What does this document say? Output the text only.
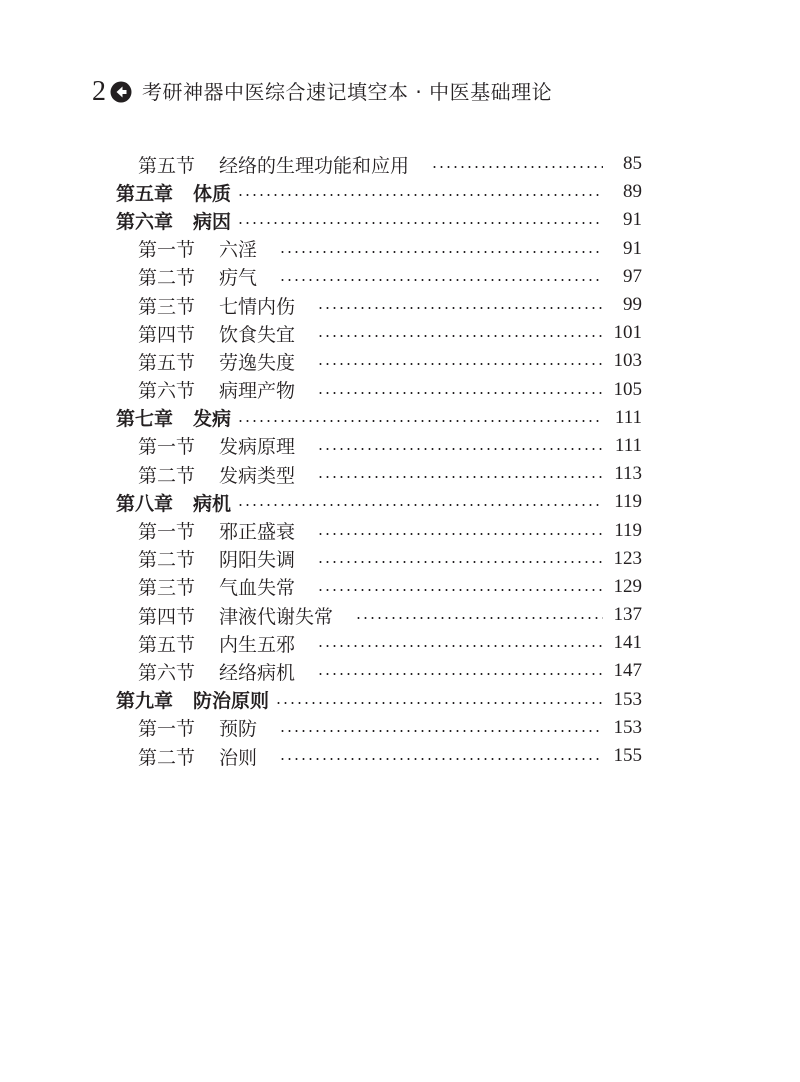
2 考研神器中医综合速记填空本 · 中医基础理论
第五节 经络的生理功能和应用	85
第五章 体质	89
第六章 病因	91
第一节 六淫	91
第二节 疠气	97
第三节 七情内伤	99
第四节 饮食失宜	101
第五节 劳逸失度	103
第六节 病理产物	105
第七章 发病	111
第一节 发病原理	111
第二节 发病类型	113
第八章 病机	119
第一节 邪正盛衰	119
第二节 阴阳失调	123
第三节 气血失常	129
第四节 津液代谢失常	137
第五节 内生五邪	141
第六节 经络病机	147
第九章 防治原则	153
第一节 预防	153
第二节 治则	155
